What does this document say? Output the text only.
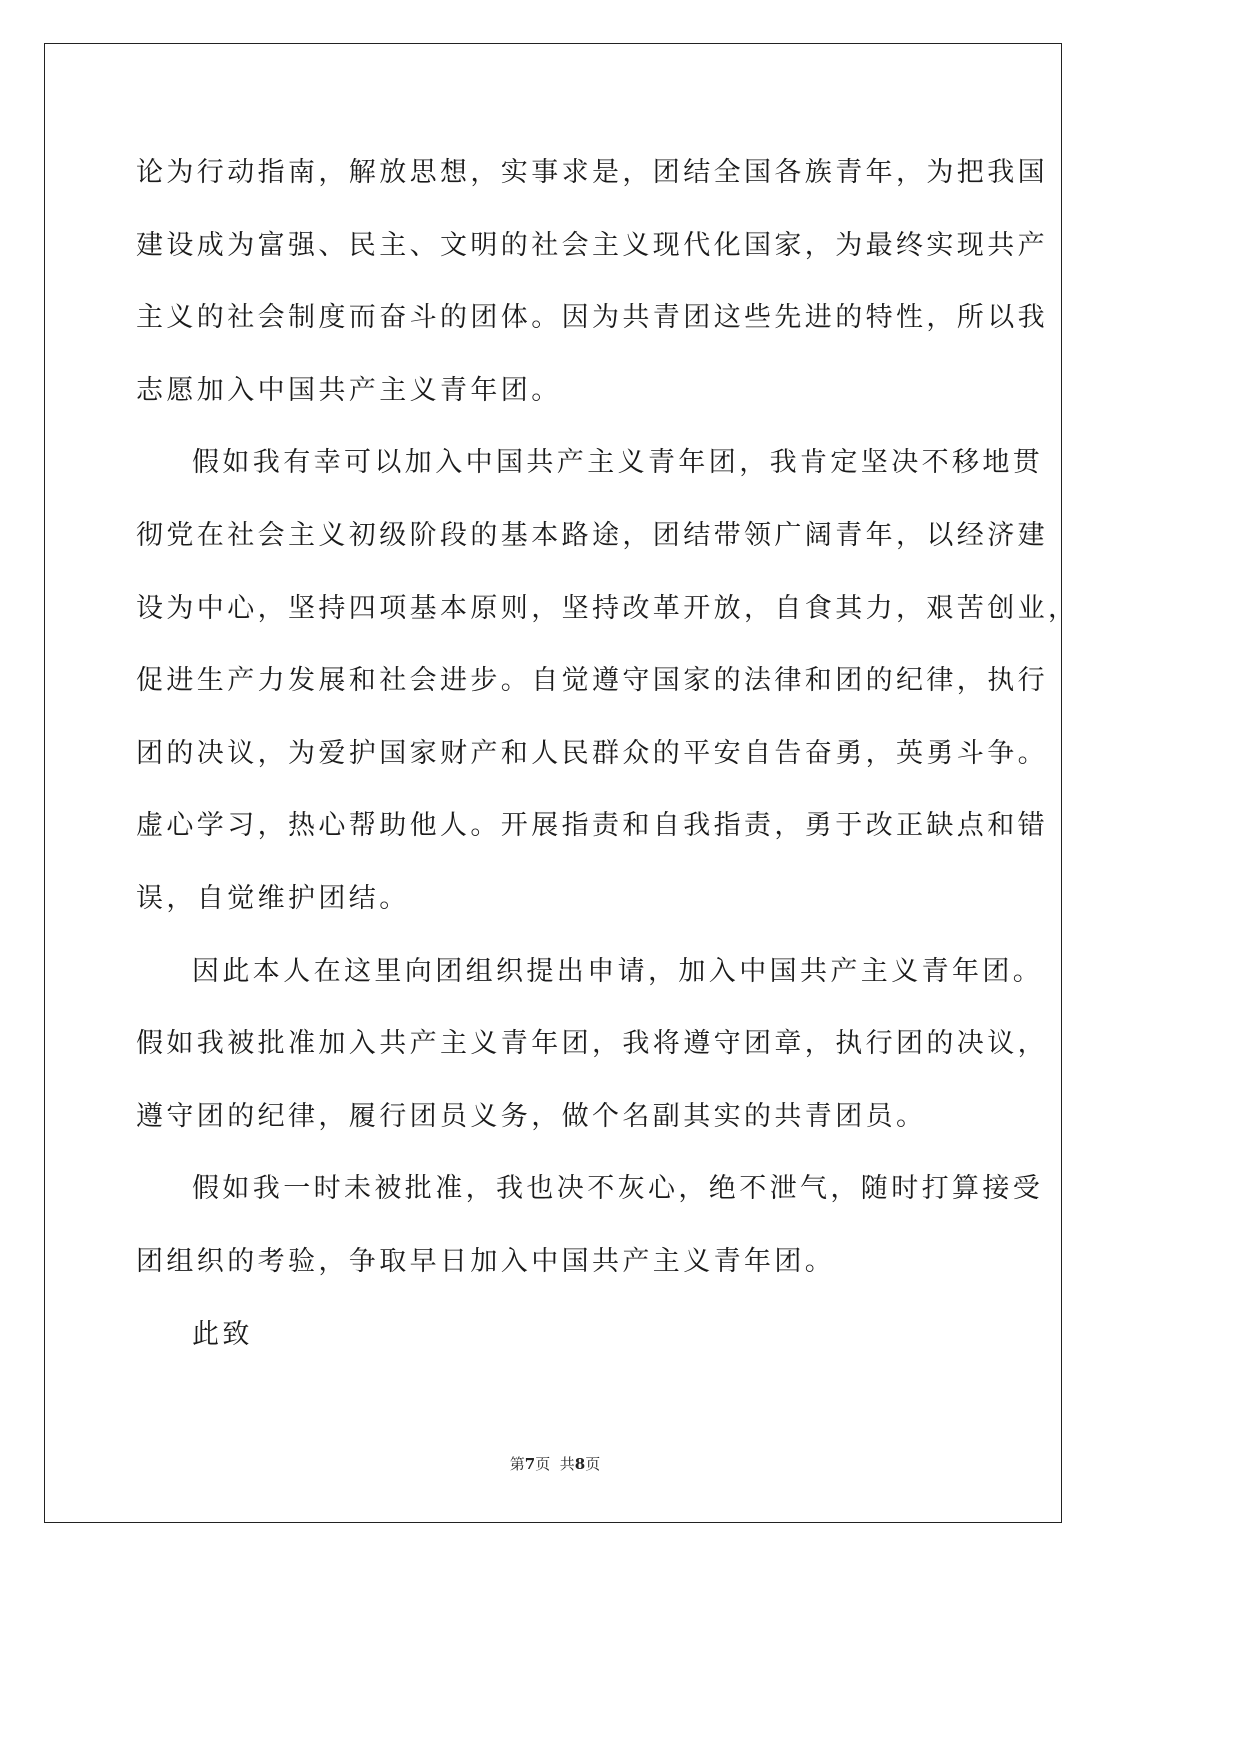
论为行动指南，解放思想，实事求是，团结全国各族青年，为把我国
建设成为富强、民主、文明的社会主义现代化国家，为最终实现共产
主义的社会制度而奋斗的团体。因为共青团这些先进的特性，所以我
志愿加入中国共产主义青年团。
假如我有幸可以加入中国共产主义青年团，我肯定坚决不移地贯
彻党在社会主义初级阶段的基本路途，团结带领广阔青年，以经济建
设为中心，坚持四项基本原则，坚持改革开放，自食其力，艰苦创业，
促进生产力发展和社会进步。自觉遵守国家的法律和团的纪律，执行
团的决议，为爱护国家财产和人民群众的平安自告奋勇，英勇斗争。
虚心学习，热心帮助他人。开展指责和自我指责，勇于改正缺点和错
误，自觉维护团结。
因此本人在这里向团组织提出申请，加入中国共产主义青年团。
假如我被批准加入共产主义青年团，我将遵守团章，执行团的决议，
遵守团的纪律，履行团员义务，做个名副其实的共青团员。
假如我一时未被批准，我也决不灰心，绝不泄气，随时打算接受
团组织的考验，争取早日加入中国共产主义青年团。
此致
第7页  共8页
